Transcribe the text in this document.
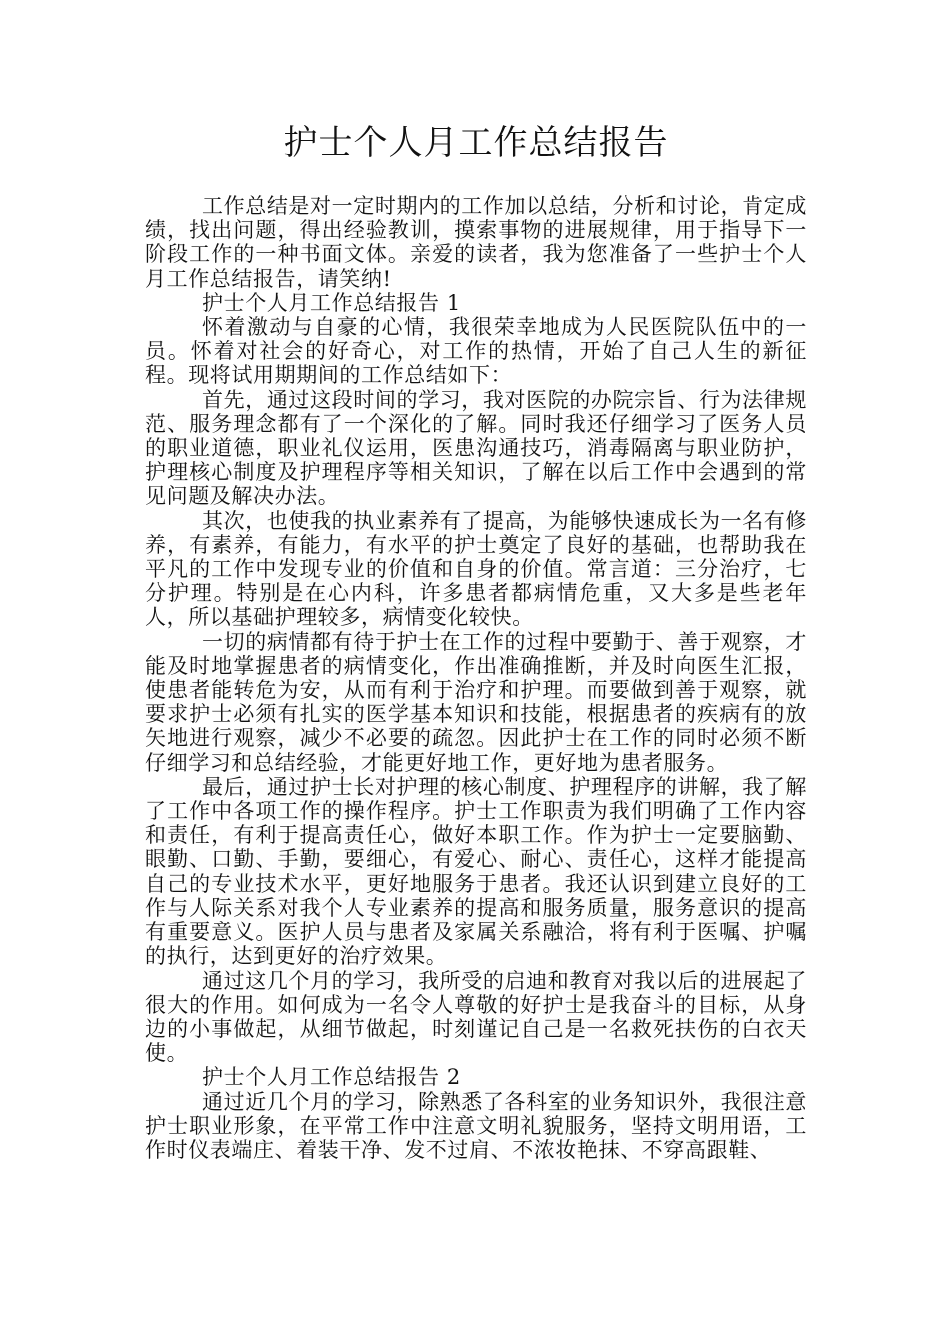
护士个人月工作总结报告

工作总结是对一定时期内的工作加以总结，分析和讨论，肯定成绩，找出问题，得出经验教训，摸索事物的进展规律，用于指导下一阶段工作的一种书面文体。亲爱的读者，我为您准备了一些护士个人月工作总结报告，请笑纳!

护士个人月工作总结报告 1

怀着激动与自豪的心情，我很荣幸地成为人民医院队伍中的一员。怀着对社会的好奇心，对工作的热情，开始了自己人生的新征程。现将试用期期间的工作总结如下：

首先，通过这段时间的学习，我对医院的办院宗旨、行为法律规范、服务理念都有了一个深化的了解。同时我还仔细学习了医务人员的职业道德，职业礼仪运用，医患沟通技巧，消毒隔离与职业防护，护理核心制度及护理程序等相关知识，了解在以后工作中会遇到的常见问题及解决办法。

其次，也使我的执业素养有了提高，为能够快速成长为一名有修养，有素养，有能力，有水平的护士奠定了良好的基础，也帮助我在平凡的工作中发现专业的价值和自身的价值。常言道：三分治疗，七分护理。特别是在心内科，许多患者都病情危重，又大多是些老年人，所以基础护理较多，病情变化较快。

一切的病情都有待于护士在工作的过程中要勤于、善于观察，才能及时地掌握患者的病情变化，作出准确推断，并及时向医生汇报，使患者能转危为安，从而有利于治疗和护理。而要做到善于观察，就要求护士必须有扎实的医学基本知识和技能，根据患者的疾病有的放矢地进行观察，减少不必要的疏忽。因此护士在工作的同时必须不断仔细学习和总结经验，才能更好地工作，更好地为患者服务。

最后，通过护士长对护理的核心制度、护理程序的讲解，我了解了工作中各项工作的操作程序。护士工作职责为我们明确了工作内容和责任，有利于提高责任心，做好本职工作。作为护士一定要脑勤、眼勤、口勤、手勤，要细心，有爱心、耐心、责任心，这样才能提高自己的专业技术水平，更好地服务于患者。我还认识到建立良好的工作与人际关系对我个人专业素养的提高和服务质量，服务意识的提高有重要意义。医护人员与患者及家属关系融洽，将有利于医嘱、护嘱的执行，达到更好的治疗效果。

通过这几个月的学习，我所受的启迪和教育对我以后的进展起了很大的作用。如何成为一名令人尊敬的好护士是我奋斗的目标，从身边的小事做起，从细节做起，时刻谨记自己是一名救死扶伤的白衣天使。

护士个人月工作总结报告 2

通过近几个月的学习，除熟悉了各科室的业务知识外，我很注意护士职业形象，在平常工作中注意文明礼貌服务，坚持文明用语，工作时仪表端庄、着装干净、发不过肩、不浓妆艳抹、不穿高跟鞋、
